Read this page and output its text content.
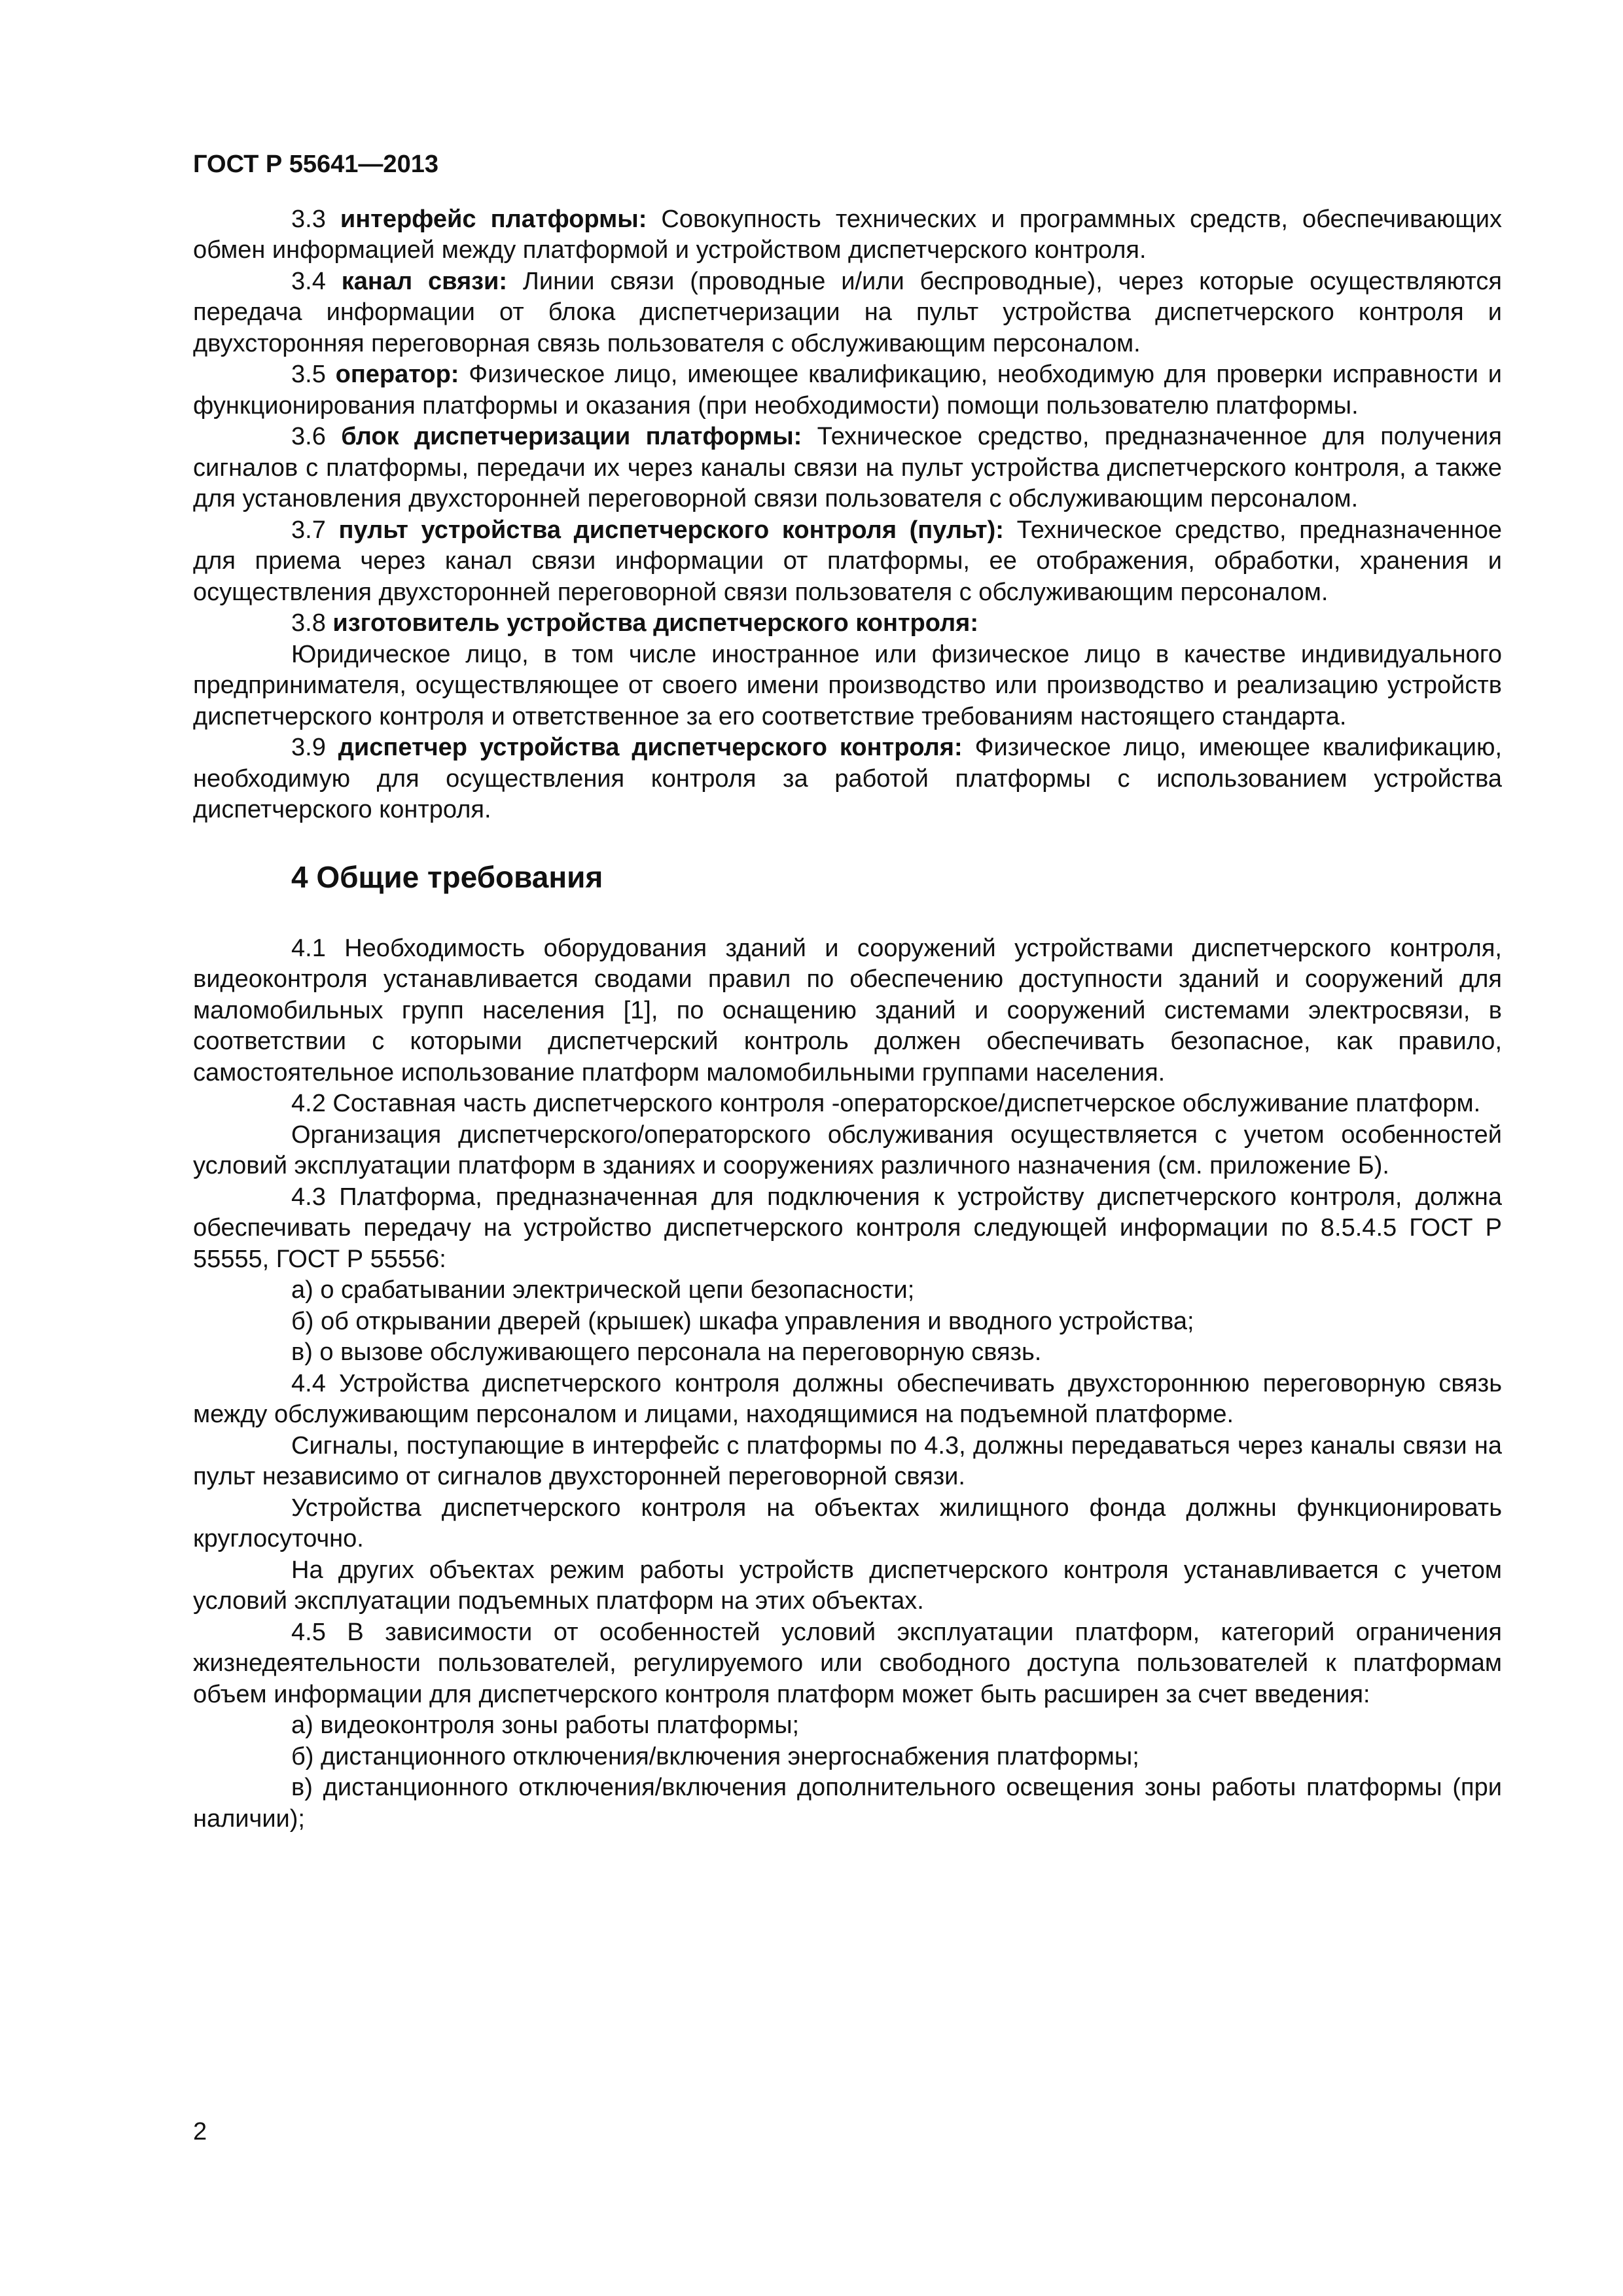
ГОСТ Р 55641—2013

3.3 интерфейс платформы: Совокупность технических и программных средств, обеспечивающих обмен информацией между платформой и устройством диспетчерского контроля.

3.4 канал связи: Линии связи (проводные и/или беспроводные), через которые осуществляются передача информации от блока диспетчеризации на пульт устройства диспетчерского контроля и двухсторонняя переговорная связь пользователя с обслуживающим персоналом.

3.5 оператор: Физическое лицо, имеющее квалификацию, необходимую для проверки исправности и функционирования платформы и оказания (при необходимости) помощи пользователю платформы.

3.6 блок диспетчеризации платформы: Техническое средство, предназначенное для получения сигналов с платформы, передачи их через каналы связи на пульт устройства диспетчерского контроля, а также для установления двухсторонней переговорной связи пользователя с обслуживающим персоналом.

3.7 пульт устройства диспетчерского контроля (пульт): Техническое средство, предназначенное для приема через канал связи информации от платформы, ее отображения, обработки, хранения и осуществления двухсторонней переговорной связи пользователя с обслуживающим персоналом.

3.8 изготовитель устройства диспетчерского контроля:

Юридическое лицо, в том числе иностранное или физическое лицо в качестве индивидуального предпринимателя, осуществляющее от своего имени производство или производство и реализацию устройств диспетчерского контроля и ответственное за его соответствие требованиям настоящего стандарта.

3.9 диспетчер устройства диспетчерского контроля: Физическое лицо, имеющее квалификацию, необходимую для осуществления контроля за работой платформы с использованием устройства диспетчерского контроля.

4 Общие требования

4.1 Необходимость оборудования зданий и сооружений устройствами диспетчерского контроля, видеоконтроля устанавливается сводами правил по обеспечению доступности зданий и сооружений для маломобильных групп населения [1], по оснащению зданий и сооружений системами электросвязи, в соответствии с которыми диспетчерский контроль должен обеспечивать безопасное, как правило, самостоятельное использование платформ маломобильными группами населения.

4.2 Составная часть диспетчерского контроля -операторское/диспетчерское обслуживание платформ.

Организация диспетчерского/операторского обслуживания осуществляется с учетом особенностей условий эксплуатации платформ в зданиях и сооружениях различного назначения (см. приложение Б).

4.3 Платформа, предназначенная для подключения к устройству диспетчерского контроля, должна обеспечивать передачу на устройство диспетчерского контроля следующей информации по 8.5.4.5 ГОСТ Р 55555, ГОСТ Р 55556:

а) о срабатывании электрической цепи безопасности;

б) об открывании дверей (крышек) шкафа управления и вводного устройства;

в) о вызове обслуживающего персонала на переговорную связь.

4.4 Устройства диспетчерского контроля должны обеспечивать двухстороннюю переговорную связь между обслуживающим персоналом и лицами, находящимися на подъемной платформе.

Сигналы, поступающие в интерфейс с платформы по 4.3, должны передаваться через каналы связи на пульт независимо от сигналов двухсторонней переговорной связи.

Устройства диспетчерского контроля на объектах жилищного фонда должны функционировать круглосуточно.

На других объектах режим работы устройств диспетчерского контроля устанавливается с учетом условий эксплуатации подъемных платформ на этих объектах.

4.5 В зависимости от особенностей условий эксплуатации платформ, категорий ограничения жизнедеятельности пользователей, регулируемого или свободного доступа пользователей к платформам объем информации для диспетчерского контроля платформ может быть расширен за счет введения:

а) видеоконтроля зоны работы платформы;

б) дистанционного отключения/включения энергоснабжения платформы;

в) дистанционного отключения/включения дополнительного освещения зоны работы платформы (при наличии);

2
